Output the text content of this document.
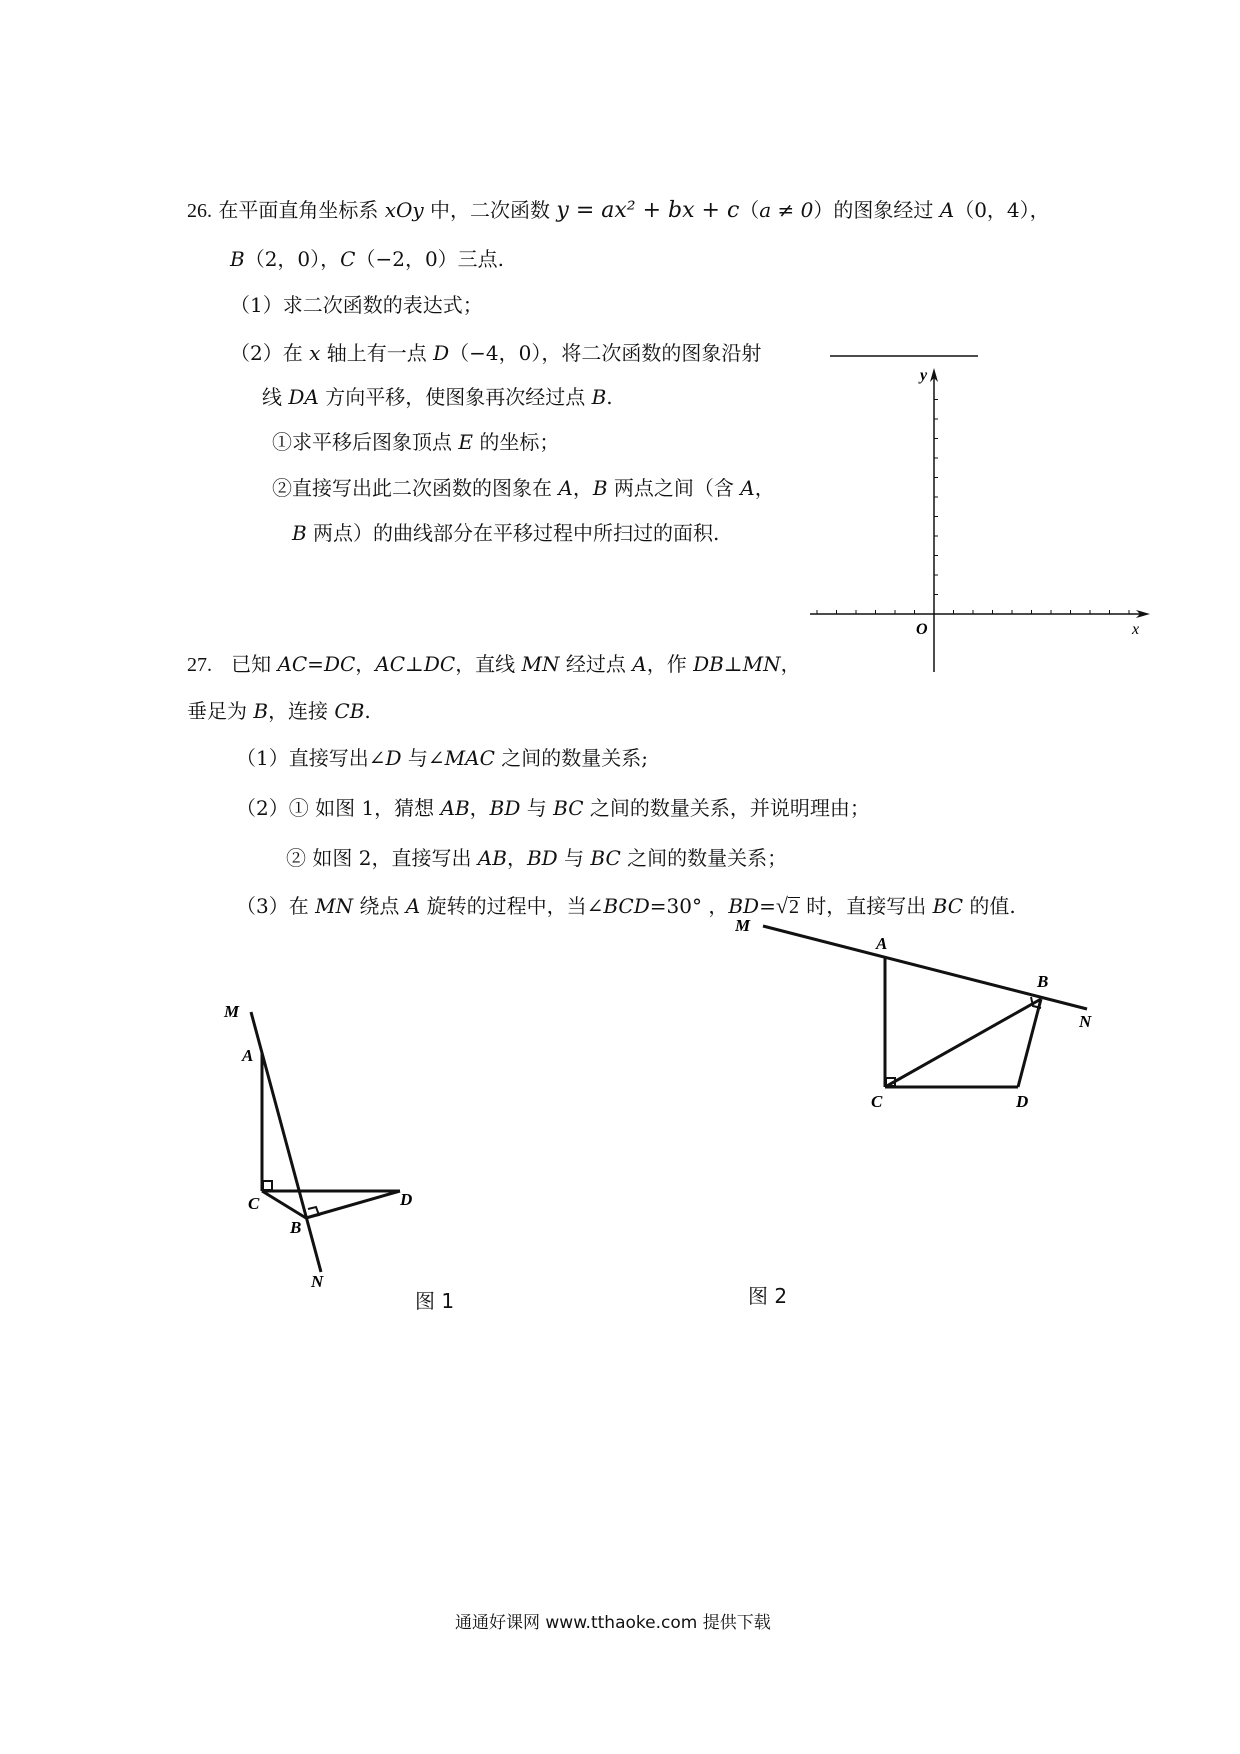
26. 在平面直角坐标系 xOy 中，二次函数 y = ax² + bx + c（a ≠ 0）的图象经过 A（0，4），
B（2，0），C（−2，0）三点.
（1）求二次函数的表达式；
（2）在 x 轴上有一点 D（−4，0），将二次函数的图象沿射
线 DA 方向平移，使图象再次经过点 B.
①求平移后图象顶点 E 的坐标；
②直接写出此二次函数的图象在 A，B 两点之间（含 A，
B 两点）的曲线部分在平移过程中所扫过的面积.
y
x
O
27. 已知 AC=DC，AC⊥DC，直线 MN 经过点 A，作 DB⊥MN，
垂足为 B，连接 CB.
（1）直接写出∠D 与∠MAC 之间的数量关系;
（2）① 如图 1，猜想 AB，BD 与 BC 之间的数量关系，并说明理由；
② 如图 2，直接写出 AB，BD 与 BC 之间的数量关系；
（3）在 MN 绕点 A 旋转的过程中，当∠BCD=30° ，BD=√2 时，直接写出 BC 的值.
M
A
C
B
D
N
图 1
M
A
B
N
C	D
图 2
通通好课网 www.tthaoke.com 提供下载
